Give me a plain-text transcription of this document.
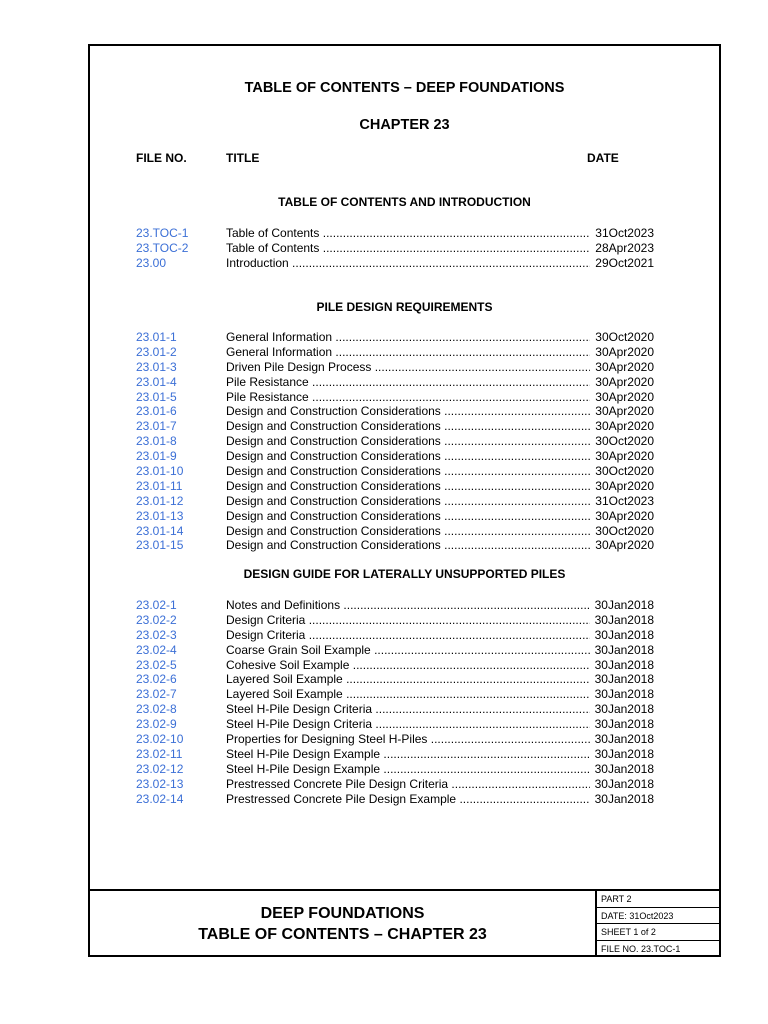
TABLE OF CONTENTS – DEEP FOUNDATIONS
CHAPTER 23
FILE NO.	TITLE	DATE
TABLE OF CONTENTS AND INTRODUCTION
23.TOC-1	Table of Contents .....	31Oct2023
23.TOC-2	Table of Contents .....	28Apr2023
23.00	Introduction .....	29Oct2021
PILE DESIGN REQUIREMENTS
23.01-1	General Information .....	30Oct2020
23.01-2	General Information .....	30Apr2020
23.01-3	Driven Pile Design Process .....	30Apr2020
23.01-4	Pile Resistance .....	30Apr2020
23.01-5	Pile Resistance .....	30Apr2020
23.01-6	Design and Construction Considerations .....	30Apr2020
23.01-7	Design and Construction Considerations .....	30Apr2020
23.01-8	Design and Construction Considerations .....	30Oct2020
23.01-9	Design and Construction Considerations .....	30Apr2020
23.01-10	Design and Construction Considerations .....	30Oct2020
23.01-11	Design and Construction Considerations .....	30Apr2020
23.01-12	Design and Construction Considerations .....	31Oct2023
23.01-13	Design and Construction Considerations .....	30Apr2020
23.01-14	Design and Construction Considerations .....	30Oct2020
23.01-15	Design and Construction Considerations .....	30Apr2020
DESIGN GUIDE FOR LATERALLY UNSUPPORTED PILES
23.02-1	Notes and Definitions .....	30Jan2018
23.02-2	Design Criteria .....	30Jan2018
23.02-3	Design Criteria .....	30Jan2018
23.02-4	Coarse Grain Soil Example .....	30Jan2018
23.02-5	Cohesive Soil Example .....	30Jan2018
23.02-6	Layered Soil Example .....	30Jan2018
23.02-7	Layered Soil Example .....	30Jan2018
23.02-8	Steel H-Pile Design Criteria .....	30Jan2018
23.02-9	Steel H-Pile Design Criteria .....	30Jan2018
23.02-10	Properties for Designing Steel H-Piles .....	30Jan2018
23.02-11	Steel H-Pile Design Example .....	30Jan2018
23.02-12	Steel H-Pile Design Example .....	30Jan2018
23.02-13	Prestressed Concrete Pile Design Criteria .....	30Jan2018
23.02-14	Prestressed Concrete Pile Design Example .....	30Jan2018
DEEP FOUNDATIONS
TABLE OF CONTENTS – CHAPTER 23
PART 2
DATE: 31Oct2023
SHEET 1 of 2
FILE NO. 23.TOC-1
